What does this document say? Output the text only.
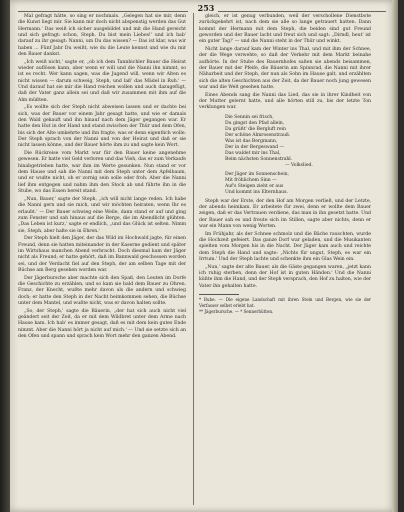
253

Mal gefragt hätte, so sing er nochmals. „Gelegen hat sie mir, denn die Kunst liegt mir. Sie kann mir doch nicht abspenstig werden das Gut Hermann.' Das weiß ich sicher ausgebildet und mit die Hand gereicht und sich gefragt: schon, Steph. Du bist mein Liebes!' und ich hab' darauf zu ihr gesagt: Nanni, um Du das wissen? — Das ist klar, was wir haben ... Fünf Jahr Du weißt, wie du die Leute kennst und wie du mir den Bauer dankst.

„Ich weiß nicht,' sagte er, „ob ich dem Tannbichler Bauer die Heirat wieder auflösen kann, aber wenn er will und die Nanni ihn nimmt, so ist es recht. Wer kann sagen, was die Jugend will, wenn wir Alten es nicht wissen — darum schweig, Steph, und laß' das Mädel in Ruh.' — Und darauf hat sie mir die Hand reichen wollen und auch dazugefügt, daß der Vater ganz allein sei und daß wir zusammen mit ihm auf die Alm müßten.

„Es wollte sich der Steph nicht abweisen lassen und er dachte bei sich, was der Bauer vor einem Jahr gesagt hatte, und wie er damals den Wald gekauft und ihn hinauf nach dem Jäger gegangen war. Er hatte den Hut in der Hand und stand zwischen der Thür und dem Ofen, bis sich der Alte umkehrte und ihn fragte, was er denn eigentlich wolle. Der Steph sprach von der Nanni und von der Heirat und daß er sie nicht lassen könne, und der Bauer hörte ihm zu und sagte kein Wort.

Die Rückreise vom Markt war für den Bauer keine angenehme gewesen. Er hatte viel Geld verloren und das Vieh, das er zum Verkaufe hinabgetrieben hatte, war ihm im Werte gesunken. Nun stand er vor dem Hause und sah die Nanni mit dem Steph unter dem Apfelbaum, und er wußte nicht, ob er zornig sein solle oder froh. Aber die Nanni lief ihm entgegen und nahm ihm den Stock ab und führte ihn in die Stube, wo das Essen bereit stand.

„Nun, Bauer,' sagte der Steph, „ich will nicht lange reden. Ich habe die Nanni gern und sie mich, und wir möchten heiraten, wenn Ihr es erlaubt.' — Der Bauer schwieg eine Weile, dann stand er auf und ging zum Fenster und sah hinaus auf die Berge, die im Abendlicht glühten. „Das Leben ist kurz,' sagte er endlich, „und das Glück ist selten. Nimm sie, Steph, aber halte sie in Ehren.'

Der Steph hielt den Jäger, der das Wild im Hochwald jagte, für einen Freund, denn sie hatten miteinander in der Kaserne gedient und später im Wirtshaus manchen Abend verbracht. Doch diesmal kam der Jäger nicht als Freund; er hatte gehört, daß im Bannwald geschossen worden sei, und der Verdacht fiel auf den Steph, der am selben Tage mit der Büchse am Berg gesehen worden war.

Der Jägerbursche aber machte sich den Spaß, den Leuten im Dorfe die Geschichte zu erzählen, und so kam sie bald dem Bauer zu Ohren. Franz, der Knecht, wußte mehr davon als die andern und schwieg doch; er hatte den Steph in der Nacht heimkommen sehen, die Büchse unter dem Mantel, und wußte nicht, was er davon halten sollte.

„So, der Steph,' sagte die Bäuerin, „der hat sich auch nicht viel geändert seit der Zeit, da er mit dem Wildbret unter dem Arme nach Hause kam. Ich hab' es immer gesagt, daß es mit dem kein gutes Ende nimmt. Aber die Nanni hört ja nicht auf mich.' — Und sie setzte sich an den Ofen und spann und sprach kein Wort mehr den ganzen Abend.

gleich, er ist genug verbunden, weil der verschollene Dienstbote zurückgekehrt ist, nach dem sie alle so lange getrauert hatten. Dann kommt der Hermann mit dem Steph, die beiden sind gut Freund geworden und der Bauer lacht und freut sich und sagt: „Dirndl, heut' ist ein guter Tag!' — und die Nanni steht in der Thür und winkt.

Nicht lange darauf kam der Winter ins Thal, und mit ihm der Schnee, der die Wege verwehte, so daß der Verkehr mit dem Markt beinahe aufhörte. In der Stube des Bauernhofes saßen sie abends beisammen, der Bauer mit der Pfeife, die Bäuerin am Spinnrad, die Nanni mit ihrer Näharbeit und der Steph, der nun als Sohn im Hause galt, und erzählten sich die alten Geschichten aus der Zeit, da der Bauer noch jung gewesen war und die Welt gesehen hatte.

Eines Abends sang die Nanni das Lied, das sie in ihrer Kindheit von der Mutter gelernt hatte, und alle hörten still zu, bis der letzte Ton verklungen war.

Die Sennin sei frisch,
Du gingst den Pfad allein,
Da grüßt' die Bergluft rein
Der schöne Almrosenstrauß.
Was ist das Bergmann,
Der in der Bergeswand —
Das waldet mir ins Thal,
Beim nächsten Sonnenstrahl.
— Volkslied.
Der Jäger im Sonnenschein,
Mit fröhlichem Sinn —
Auf's Steigen zieht er aus
Und kommt ins Elternhaus.

Steph war der Erste, der den Hof am Morgen verließ, und der Letzte, der abends heimkam. Er arbeitete für zwei, denn er wollte dem Bauer zeigen, daß er das Vertrauen verdiene, das man in ihn gesetzt hatte. Und der Bauer sah es und freute sich im Stillen, sagte aber nichts, denn er war ein Mann von wenig Worten.

Im Frühjahr, als der Schnee schmolz und die Bäche rauschten, wurde die Hochzeit gefeiert. Das ganze Dorf war geladen, und die Musikanten spielten vom Morgen bis in die Nacht. Der Jäger kam auch und reichte dem Steph die Hand und sagte: „Nichts für ungut, Steph, es war ein Irrtum.' Und der Steph lachte und schenkte ihm ein Glas Wein ein.

„Nun,' sagte der alte Bauer, als die Gäste gegangen waren, „jetzt kann ich ruhig sterben, denn der Hof ist in guten Händen.' Und die Nanni küßte ihm die Hand, und der Steph versprach, den Hof zu halten, wie der Vater ihn gehalten hatte.

* Bube. — Die eigene Landschaft mit ihren Stein und Bergen, wie sie der Verfasser selbst erlebt hat.

** Jägerbursche. — * Sennerhütten.
